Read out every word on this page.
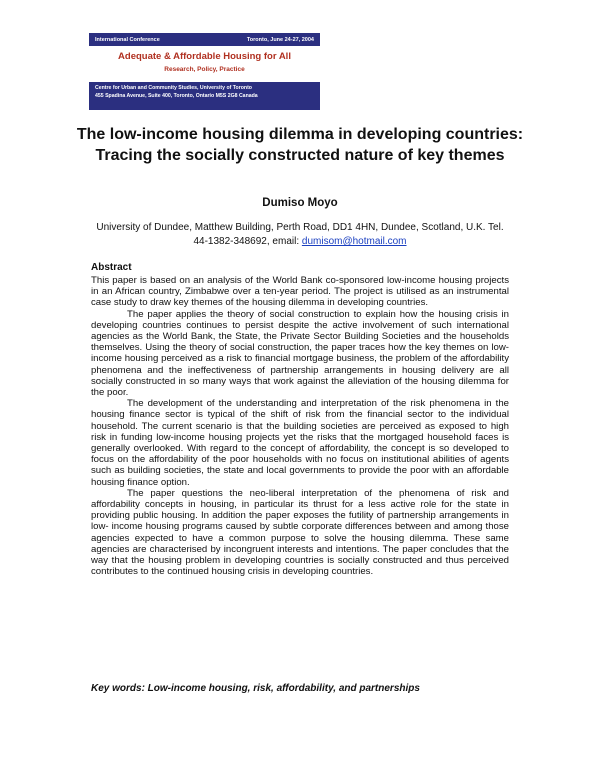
International Conference	Toronto, June 24-27, 2004
Adequate & Affordable Housing for All
Research, Policy, Practice
Centre for Urban and Community Studies, University of Toronto
455 Spadina Avenue, Suite 400, Toronto, Ontario M5S 2G8 Canada
The low-income housing dilemma in developing countries: Tracing the socially constructed nature of key themes
Dumiso Moyo
University of Dundee, Matthew Building, Perth Road, DD1 4HN, Dundee, Scotland, U.K. Tel. 44-1382-348692, email: dumisom@hotmail.com
Abstract

This paper is based on an analysis of the World Bank co-sponsored low-income housing projects in an African country, Zimbabwe over a ten-year period. The project is utilised as an instrumental case study to draw key themes of the housing dilemma in developing countries.

The paper applies the theory of social construction to explain how the housing crisis in developing countries continues to persist despite the active involvement of such international agencies as the World Bank, the State, the Private Sector Building Societies and the households themselves. Using the theory of social construction, the paper traces how the key themes on low-income housing perceived as a risk to financial mortgage business, the problem of the affordability phenomena and the ineffectiveness of partnership arrangements in housing delivery are all socially constructed in so many ways that work against the alleviation of the housing dilemma for the poor.

The development of the understanding and interpretation of the risk phenomena in the housing finance sector is typical of the shift of risk from the financial sector to the individual household. The current scenario is that the building societies are perceived as exposed to high risk in funding low-income housing projects yet the risks that the mortgaged household faces is generally overlooked. With regard to the concept of affordability, the concept is so developed to focus on the affordability of the poor households with no focus on institutional abilities of agents such as building societies, the state and local governments to provide the poor with an affordable housing finance option.

The paper questions the neo-liberal interpretation of the phenomena of risk and affordability concepts in housing, in particular its thrust for a less active role for the state in providing public housing. In addition the paper exposes the futility of partnership arrangements in low- income housing programs caused by subtle corporate differences between and among those agencies expected to have a common purpose to solve the housing dilemma. These same agencies are characterised by incongruent interests and intentions. The paper concludes that the way that the housing problem in developing countries is socially constructed and thus perceived contributes to the continued housing crisis in developing countries.

Key words: Low-income housing, risk, affordability, and partnerships
